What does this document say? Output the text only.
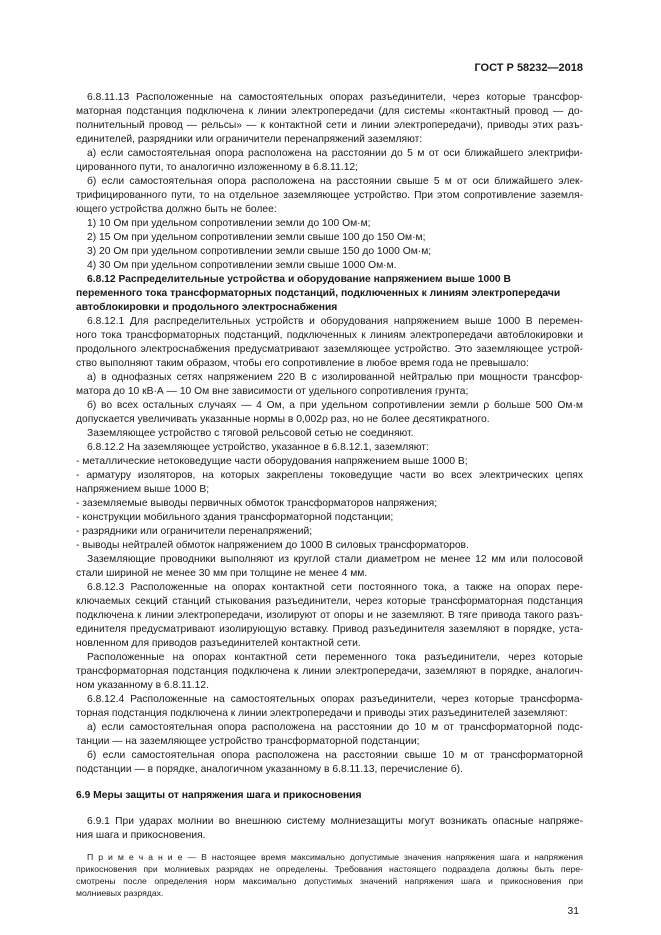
ГОСТ Р 58232—2018
6.8.11.13 Расположенные на самостоятельных опорах разъединители, через которые трансфор-
маторная подстанция подключена к линии электропередачи (для системы «контактный провод — до-
полнительный провод — рельсы» — к контактной сети и линии электропередачи), приводы этих разъ-
единителей, разрядники или ограничители перенапряжений заземляют:
а) если самостоятельная опора расположена на расстоянии до 5 м от оси ближайшего электрифи-
цированного пути, то аналогично изложенному в 6.8.11.12;
б) если самостоятельная опора расположена на расстоянии свыше 5 м от оси ближайшего элек-
трифицированного пути, то на отдельное заземляющее устройство. При этом сопротивление заземля-
ющего устройства должно быть не более:
1) 10 Ом при удельном сопротивлении земли до 100 Ом·м;
2) 15 Ом при удельном сопротивлении земли свыше 100 до 150 Ом·м;
3) 20 Ом при удельном сопротивлении земли свыше 150 до 1000 Ом·м;
4) 30 Ом при удельном сопротивлении земли свыше 1000 Ом·м.
6.8.12 Распределительные устройства и оборудование напряжением выше 1000 В
переменного тока трансформаторных подстанций, подключенных к линиям электропередачи
автоблокировки и продольного электроснабжения
6.8.12.1 Для распределительных устройств и оборудования напряжением выше 1000 В перемен-
ного тока трансформаторных подстанций, подключенных к линиям электропередачи автоблокировки и
продольного электроснабжения предусматривают заземляющее устройство. Это заземляющее устрой-
ство выполняют таким образом, чтобы его сопротивление в любое время года не превышало:
а) в однофазных сетях напряжением 220 В с изолированной нейтралью при мощности трансфор-
матора до 10 кВ·А — 10 Ом вне зависимости от удельного сопротивления грунта;
б) во всех остальных случаях — 4 Ом, а при удельном сопротивлении земли ρ больше 500 Ом·м
допускается увеличивать указанные нормы в 0,002ρ раз, но не более десятикратного.
Заземляющее устройство с тяговой рельсовой сетью не соединяют.
6.8.12.2 На заземляющее устройство, указанное в 6.8.12.1, заземляют:
- металлические нетоковедущие части оборудования напряжением выше 1000 В;
- арматуру изоляторов, на которых закреплены токоведущие части во всех электрических цепях
напряжением выше 1000 В;
- заземляемые выводы первичных обмоток трансформаторов напряжения;
- конструкции мобильного здания трансформаторной подстанции;
- разрядники или ограничители перенапряжений;
- выводы нейтралей обмоток напряжением до 1000 В силовых трансформаторов.
Заземляющие проводники выполняют из круглой стали диаметром не менее 12 мм или полосовой
стали шириной не менее 30 мм при толщине не менее 4 мм.
6.8.12.3 Расположенные на опорах контактной сети постоянного тока, а также на опорах пере-
ключаемых секций станций стыкования разъединители, через которые трансформаторная подстанция
подключена к линии электропередачи, изолируют от опоры и не заземляют. В тяге привода такого разъ-
единителя предусматривают изолирующую вставку. Привод разъединителя заземляют в порядке, уста-
новленном для приводов разъединителей контактной сети.
Расположенные на опорах контактной сети переменного тока разъединители, через которые
трансформаторная подстанция подключена к линии электропередачи, заземляют в порядке, аналогич-
ном указанному в 6.8.11.12.
6.8.12.4 Расположенные на самостоятельных опорах разъединители, через которые трансформа-
торная подстанция подключена к линии электропередачи и приводы этих разъединителей заземляют:
а) если самостоятельная опора расположена на расстоянии до 10 м от трансформаторной подс-
танции — на заземляющее устройство трансформаторной подстанции;
б) если самостоятельная опора расположена на расстоянии свыше 10 м от трансформаторной
подстанции — в порядке, аналогичном указанному в 6.8.11.13, перечисление б).
6.9 Меры защиты от напряжения шага и прикосновения
6.9.1 При ударах молнии во внешнюю систему молниезащиты могут возникать опасные напряже-
ния шага и прикосновения.
П р и м е ч а н и е — В настоящее время максимально допустимые значения напряжения шага и напряжения
прикосновения при молниевых разрядах не определены. Требования настоящего подраздела должны быть пере-
смотрены после определения норм максимально допустимых значений напряжения шага и прикосновения при
молниевых разрядах.
31
